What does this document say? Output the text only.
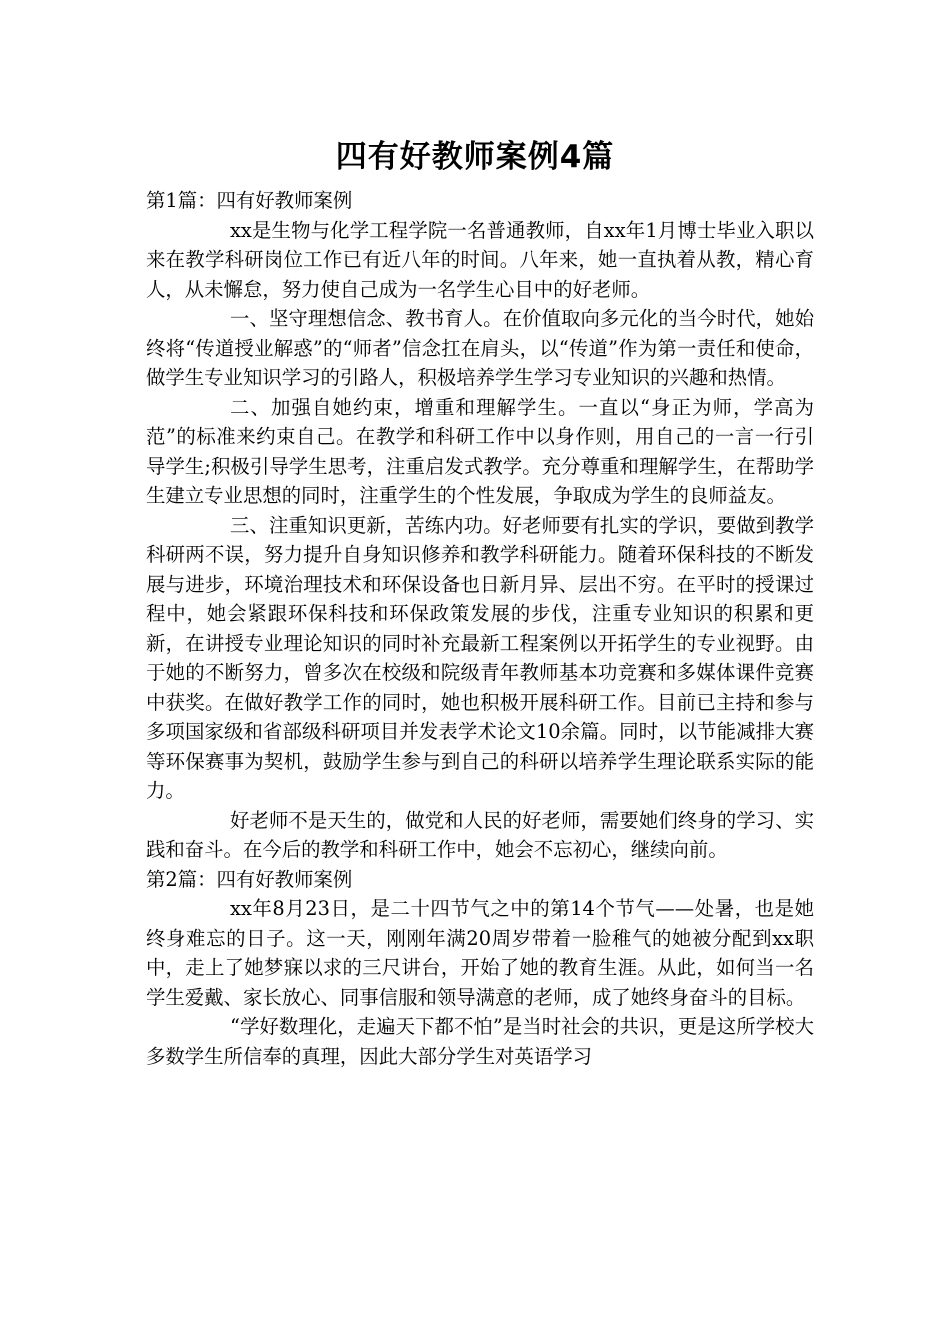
四有好教师案例4篇

第1篇：四有好教师案例

xx是生物与化学工程学院一名普通教师，自xx年1月博士毕业入职以来在教学科研岗位工作已有近八年的时间。八年来，她一直执着从教，精心育人，从未懈怠，努力使自己成为一名学生心目中的好老师。

一、坚守理想信念、教书育人。在价值取向多元化的当今时代，她始终将“传道授业解惑”的“师者”信念扛在肩头，以“传道”作为第一责任和使命，做学生专业知识学习的引路人，积极培养学生学习专业知识的兴趣和热情。

二、加强自她约束，增重和理解学生。一直以“身正为师，学高为范”的标准来约束自己。在教学和科研工作中以身作则，用自己的一言一行引导学生;积极引导学生思考，注重启发式教学。充分尊重和理解学生，在帮助学生建立专业思想的同时，注重学生的个性发展，争取成为学生的良师益友。

三、注重知识更新，苦练内功。好老师要有扎实的学识，要做到教学科研两不误，努力提升自身知识修养和教学科研能力。随着环保科技的不断发展与进步，环境治理技术和环保设备也日新月异、层出不穷。在平时的授课过程中，她会紧跟环保科技和环保政策发展的步伐，注重专业知识的积累和更新，在讲授专业理论知识的同时补充最新工程案例以开拓学生的专业视野。由于她的不断努力，曾多次在校级和院级青年教师基本功竞赛和多媒体课件竞赛中获奖。在做好教学工作的同时，她也积极开展科研工作。目前已主持和参与多项国家级和省部级科研项目并发表学术论文10余篇。同时，以节能减排大赛等环保赛事为契机，鼓励学生参与到自己的科研以培养学生理论联系实际的能力。

好老师不是天生的，做党和人民的好老师，需要她们终身的学习、实践和奋斗。在今后的教学和科研工作中，她会不忘初心，继续向前。

第2篇：四有好教师案例

xx年8月23日，是二十四节气之中的第14个节气——处暑，也是她终身难忘的日子。这一天，刚刚年满20周岁带着一脸稚气的她被分配到xx职中，走上了她梦寐以求的三尺讲台，开始了她的教育生涯。从此，如何当一名学生爱戴、家长放心、同事信服和领导满意的老师，成了她终身奋斗的目标。

“学好数理化，走遍天下都不怕”是当时社会的共识，更是这所学校大多数学生所信奉的真理，因此大部分学生对英语学习
